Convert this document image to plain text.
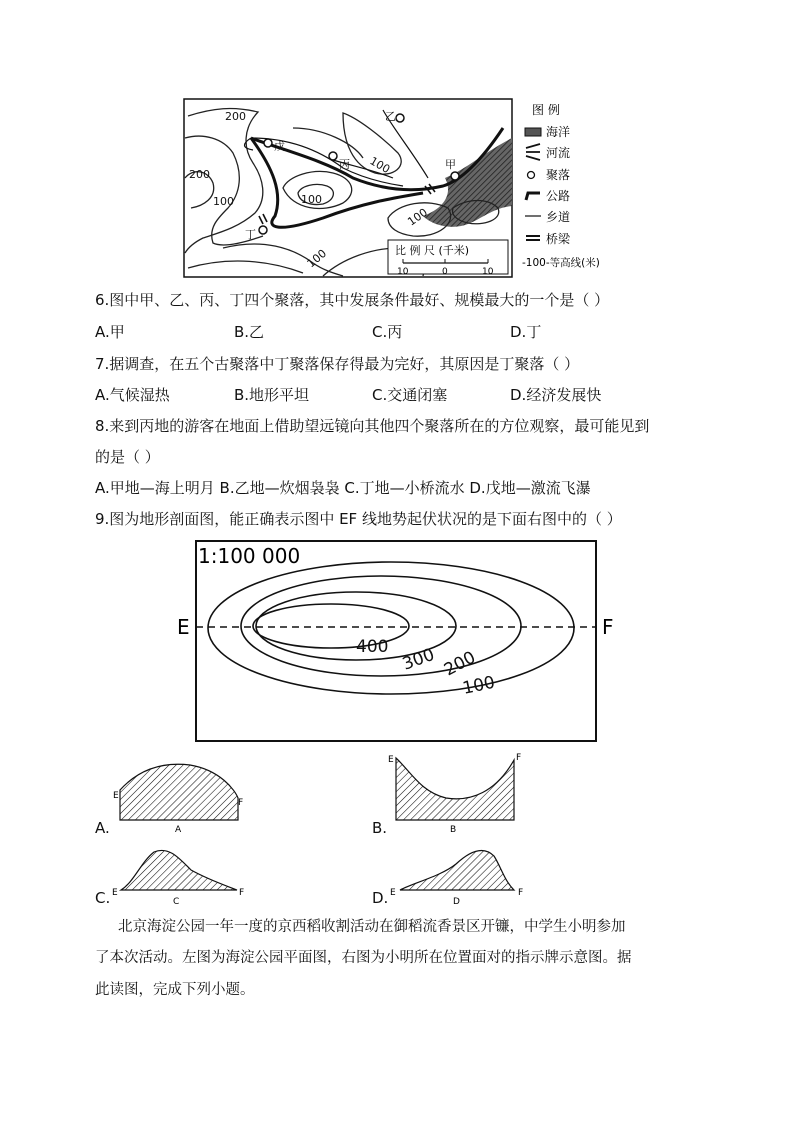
200
100
200
100
100
100
100
戊
丙
乙
甲
丁
比 例 尺 (千米)
10	0	10
图 例
海洋
河流
聚落
公路
乡道
桥梁
-100-等高线(米)
6.图中甲、乙、丙、丁四个聚落，其中发展条件最好、规模最大的一个是（ ）
A.甲	B.乙	C.丙	D.丁
7.据调查，在五个古聚落中丁聚落保存得最为完好，其原因是丁聚落（ ）
A.气候湿热	B.地形平坦	C.交通闭塞	D.经济发展快
8.来到丙地的游客在地面上借助望远镜向其他四个聚落所在的方位观察，最可能见到
的是（ ）
A.甲地—海上明月 B.乙地—炊烟袅袅 C.丁地—小桥流水 D.戊地—激流飞瀑
9.图为地形剖面图，能正确表示图中 EF 线地势起伏状况的是下面右图中的（ ）
1:100 000
E	F
400 300 200
100
A.
E
F
A	B.
E	F
B
C. E	F
C	D. E	F
D
北京海淀公园一年一度的京西稻收割活动在御稻流香景区开镰，中学生小明参加
了本次活动。左图为海淀公园平面图，右图为小明所在位置面对的指示牌示意图。据
此读图，完成下列小题。
